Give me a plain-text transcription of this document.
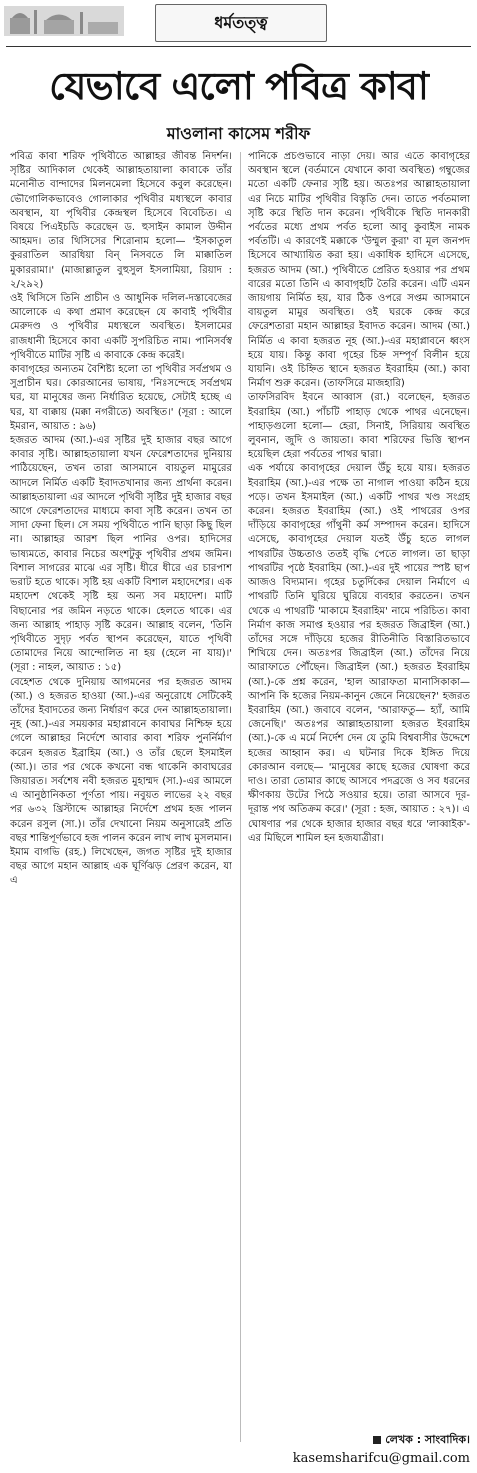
ধর্মতত্ত্ব
যেভাবে এলো পবিত্র কাবা
মাওলানা কাসেম শরীফ

পবিত্র কাবা শরিফ পৃথিবীতে আল্লাহর জীবন্ত নিদর্শন। সৃষ্টির আদিকাল থেকেই আল্লাহতায়ালা কাবাকে তাঁর মনোনীত বান্দাদের মিলনমেলা হিসেবে কবুল করেছেন। ভৌগোলিকভাবেও গোলাকার পৃথিবীর মধ্যস্থলে কাবার অবস্থান, যা পৃথিবীর কেন্দ্রস্থল হিসেবে বিবেচিত। এ বিষয়ে পিএইচডি করেছেন ড. হুসাইন কামাল উদ্দীন আহমদ। তার থিসিসের শিরোনাম হলো— 'ইসকাতুল কুররাতিল আরধিয়া বিন্ নিসবতে লি মাক্কাতিল মুকাররামা।' (মাজাল্লাতুল বুহুসুল ইসলামিয়া, রিয়াদ : ২/২৯২)

ওই থিসিসে তিনি প্রাচীন ও আধুনিক দলিল-দস্তাবেজের আলোকে এ কথা প্রমাণ করেছেন যে কাবাই পৃথিবীর মেরুদণ্ড ও পৃথিবীর মধ্যস্থলে অবস্থিত। ইসলামের রাজধানী হিসেবে কাবা একটি সুপরিচিত নাম। পানিসর্বস্ব পৃথিবীতে মাটির সৃষ্টি এ কাবাকে কেন্দ্র করেই।

কাবাগৃহের অন্যতম বৈশিষ্ট্য হলো তা পৃথিবীর সর্বপ্রথম ও সুপ্রাচীন ঘর। কোরআনের ভাষায়, 'নিঃসন্দেহে সর্বপ্রথম ঘর, যা মানুষের জন্য নির্ধারিত হয়েছে, সেটাই হচ্ছে এ ঘর, যা বাক্কায় (মক্কা নগরীতে) অবস্থিত।' (সূরা : আলে ইমরান, আয়াত : ৯৬)

হজরত আদম (আ.)-এর সৃষ্টির দুই হাজার বছর আগে কাবার সৃষ্টি। আল্লাহতায়ালা যখন ফেরেশতাদের দুনিয়ায় পাঠিয়েছেন, তখন তারা আসমানে বায়তুল মামুরের আদলে নির্মিত একটি ইবাদতখানার জন্য প্রার্থনা করেন। আল্লাহতায়ালা এর আদলে পৃথিবী সৃষ্টির দুই হাজার বছর আগে ফেরেশতাদের মাধ্যমে কাবা সৃষ্টি করেন। তখন তা সাদা ফেনা ছিল। সে সময় পৃথিবীতে পানি ছাড়া কিছু ছিল না। আল্লাহর আরশ ছিল পানির ওপর। হাদিসের ভাষ্যমতে, কাবার নিচের অংশটুকু পৃথিবীর প্রথম জমিন। বিশাল সাগরের মাঝে এর সৃষ্টি। ধীরে ধীরে এর চারপাশ ভরাট হতে থাকে। সৃষ্টি হয় একটি বিশাল মহাদেশের। এক মহাদেশ থেকেই সৃষ্টি হয় অন্য সব মহাদেশ। মাটি বিছানোর পর জমিন নড়তে থাকে। হেলতে থাকে। এর জন্য আল্লাহ পাহাড় সৃষ্টি করেন। আল্লাহ বলেন, 'তিনি পৃথিবীতে সুদৃঢ় পর্বত স্থাপন করেছেন, যাতে পৃথিবী তোমাদের নিয়ে আন্দোলিত না হয় (হেলে না যায়)।' (সূরা : নাহল, আয়াত : ১৫)

বেহেশত থেকে দুনিয়ায় আগমনের পর হজরত আদম (আ.) ও হজরত হাওয়া (আ.)-এর অনুরোধে সেটিকেই তাঁদের ইবাদতের জন্য নির্ধারণ করে দেন আল্লাহতায়ালা। নূহ (আ.)-এর সময়কার মহাপ্লাবনে কাবাঘর নিশ্চিহ্ন হয়ে গেলে আল্লাহর নির্দেশে আবার কাবা শরিফ পুনর্নির্মাণ করেন হজরত ইব্রাহিম (আ.) ও তাঁর ছেলে ইসমাইল (আ.)। তার পর থেকে কখনো বন্ধ থাকেনি কাবাঘরের জিয়ারত। সর্বশেষ নবী হজরত মুহাম্মদ (সা.)-এর আমলে এ আনুষ্ঠানিকতা পূর্ণতা পায়। নবুয়ত লাভের ২২ বছর পর ৬৩২ খ্রিস্টাব্দে আল্লাহর নির্দেশে প্রথম হজ পালন করেন রসুল (সা.)। তাঁর দেখানো নিয়ম অনুসারেই প্রতি বছর শান্তিপূর্ণভাবে হজ পালন করেন লাখ লাখ মুসলমান।

ইমাম বাগভি (রহ.) লিখেছেন, জগত সৃষ্টির দুই হাজার বছর আগে মহান আল্লাহ এক ঘূর্ণিঝড় প্রেরণ করেন, যা এ

পানিকে প্রচণ্ডভাবে নাড়া দেয়। আর এতে কাবাগৃহের অবস্থান স্থলে (বর্তমানে যেখানে কাবা অবস্থিত) গম্বুজের মতো একটি ফেনার সৃষ্টি হয়। অতঃপর আল্লাহতায়ালা এর নিচে মাটির পৃথিবীর বিস্তৃতি দেন। তাতে পর্বতমালা সৃষ্টি করে স্থিতি দান করেন। পৃথিবীকে স্থিতি দানকারী পর্বতের মধ্যে প্রথম পর্বত হলো আবু কুবাইস নামক পর্বতটি। এ কারণেই মক্কাকে 'উম্মুল কুরা' বা মূল জনপদ হিসেবে আখ্যায়িত করা হয়। একাধিক হাদিসে এসেছে, হজরত আদম (আ.) পৃথিবীতে প্রেরিত হওয়ার পর প্রথম বারের মতো তিনি এ কাবাগৃহটি তৈরি করেন। এটি এমন জায়গায় নির্মিত হয়, যার ঠিক ওপরে সপ্তম আসমানে বায়তুল মামুর অবস্থিত। ওই ঘরকে কেন্দ্র করে ফেরেশতারা মহান আল্লাহর ইবাদত করেন। আদম (আ.) নির্মিত এ কাবা হজরত নূহ (আ.)-এর মহাপ্লাবনে ধ্বংস হয়ে যায়। কিন্তু কাবা গৃহের চিহ্ন সম্পূর্ণ বিলীন হয়ে যায়নি। ওই চিহ্নিত স্থানে হজরত ইবরাহিম (আ.) কাবা নির্মাণ শুরু করেন। (তাফসিরে মাজহারি)

তাফসিরবিদ ইবনে আব্বাস (রা.) বলেছেন, হজরত ইবরাহিম (আ.) পাঁচটি পাহাড় থেকে পাথর এনেছেন। পাহাড়গুলো হলো— হেরা, সিনাই, সিরিয়ায় অবস্থিত লুবনান, জুদি ও জায়তা। কাবা শরিফের ভিত্তি স্থাপন হয়েছিল হেরা পর্বতের পাথর দ্বারা।

এক পর্যায়ে কাবাগৃহের দেয়াল উঁচু হয়ে যায়। হজরত ইবরাহিম (আ.)-এর পক্ষে তা নাগাল পাওয়া কঠিন হয়ে পড়ে। তখন ইসমাইল (আ.) একটি পাথর খণ্ড সংগ্রহ করেন। হজরত ইবরাহিম (আ.) ওই পাথরের ওপর দাঁড়িয়ে কাবাগৃহের গাঁথুনী কর্ম সম্পাদন করেন। হাদিসে এসেছে, কাবাগৃহের দেয়াল যতই উঁচু হতে লাগল পাথরটির উচ্চতাও ততই বৃদ্ধি পেতে লাগল। তা ছাড়া পাথরটির পৃষ্ঠে ইবরাহিম (আ.)-এর দুই পায়ের স্পষ্ট ছাপ আজও বিদ্যমান। গৃহের চতুর্দিকের দেয়াল নির্মাণে এ পাথরটি তিনি ঘুরিয়ে ঘুরিয়ে ব্যবহার করতেন। তখন থেকে এ পাথরটি 'মাকামে ইবরাহিম' নামে পরিচিত। কাবা নির্মাণ কাজ সমাপ্ত হওয়ার পর হজরত জিব্রাইল (আ.) তাঁদের সঙ্গে দাঁড়িয়ে হজের রীতিনীতি বিস্তারিতভাবে শিখিয়ে দেন। অতঃপর জিব্রাইল (আ.) তাঁদের নিয়ে আরাফাতে পৌঁছেন। জিব্রাইল (আ.) হজরত ইবরাহিম (আ.)-কে প্রশ্ন করেন, 'হাল আরাফতা মানাসিকাকা— আপনি কি হজের নিয়ম-কানুন জেনে নিয়েছেন?' হজরত ইবরাহিম (আ.) জবাবে বলেন, 'আরাফতু— হ্যাঁ, আমি জেনেছি।' অতঃপর আল্লাহতায়ালা হজরত ইবরাহিম (আ.)-কে এ মর্মে নির্দেশ দেন যে তুমি বিশ্ববাসীর উদ্দেশে হজের আহ্বান কর। এ ঘটনার দিকে ইঙ্গিত দিয়ে কোরআন বলছে— 'মানুষের কাছে হজের ঘোষণা করে দাও। তারা তোমার কাছে আসবে পদব্রজে ও সব ধরনের ক্ষীণকায় উটের পিঠে সওয়ার হয়ে। তারা আসবে দূর-দূরান্ত পথ অতিক্রম করে।' (সূরা : হজ, আয়াত : ২৭)। এ ঘোষণার পর থেকে হাজার হাজার বছর ধরে 'লাব্বাইক'-এর মিছিলে শামিল হন হজযাত্রীরা।

লেখক : সাংবাদিক।
kasemsharifcu@gmail.com
